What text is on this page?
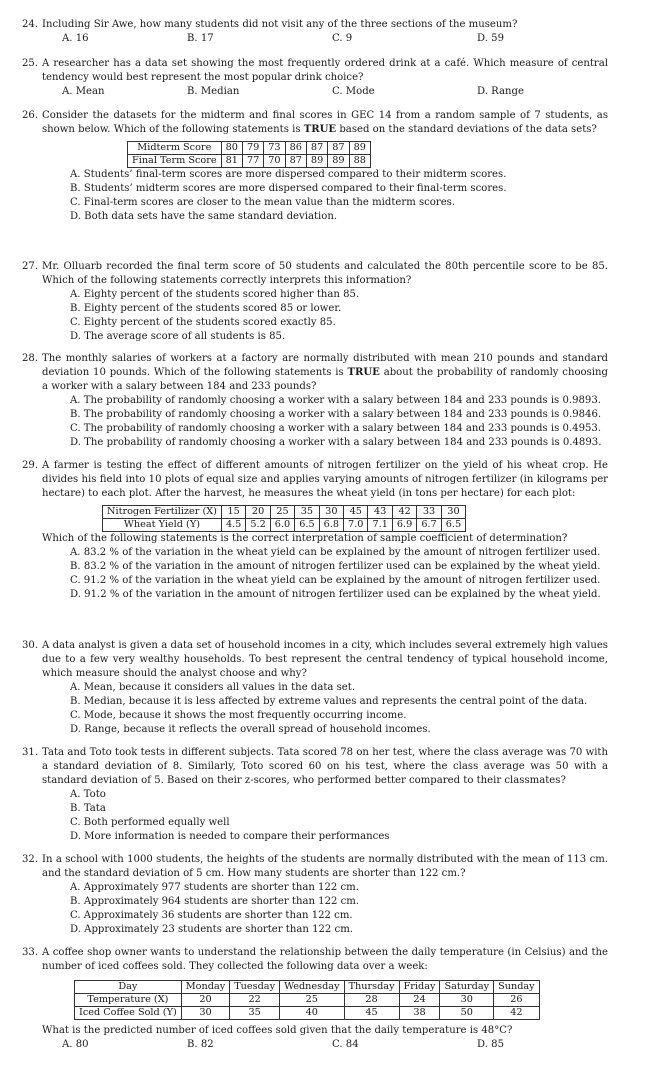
24. Including Sir Awe, how many students did not visit any of the three sections of the museum?
A. 16	B. 17	C. 9	D. 59
25. A researcher has a data set showing the most frequently ordered drink at a café. Which measure of central tendency would best represent the most popular drink choice?
A. Mean	B. Median	C. Mode	D. Range
26. Consider the datasets for the midterm and final scores in GEC 14 from a random sample of 7 students, as shown below. Which of the following statements is TRUE based on the standard deviations of the data sets?
Midterm Score	80	79	73	86	87	87	89
Final Term Score	81	77	70	87	89	89	88
A. Students’ final-term scores are more dispersed compared to their midterm scores.
B. Students’ midterm scores are more dispersed compared to their final-term scores.
C. Final-term scores are closer to the mean value than the midterm scores.
D. Both data sets have the same standard deviation.
27. Mr. Olluarb recorded the final term score of 50 students and calculated the 80th percentile score to be 85. Which of the following statements correctly interprets this information?
A. Eighty percent of the students scored higher than 85.
B. Eighty percent of the students scored 85 or lower.
C. Eighty percent of the students scored exactly 85.
D. The average score of all students is 85.
28. The monthly salaries of workers at a factory are normally distributed with mean 210 pounds and standard deviation 10 pounds. Which of the following statements is TRUE about the probability of randomly choosing a worker with a salary between 184 and 233 pounds?
A. The probability of randomly choosing a worker with a salary between 184 and 233 pounds is 0.9893.
B. The probability of randomly choosing a worker with a salary between 184 and 233 pounds is 0.9846.
C. The probability of randomly choosing a worker with a salary between 184 and 233 pounds is 0.4953.
D. The probability of randomly choosing a worker with a salary between 184 and 233 pounds is 0.4893.
29. A farmer is testing the effect of different amounts of nitrogen fertilizer on the yield of his wheat crop. He divides his field into 10 plots of equal size and applies varying amounts of nitrogen fertilizer (in kilograms per hectare) to each plot. After the harvest, he measures the wheat yield (in tons per hectare) for each plot:
Nitrogen Fertilizer (X)	15	20	25	35	30	45	43	42	33	30
Wheat Yield (Y)	4.5	5.2	6.0	6.5	6.8	7.0	7.1	6.9	6.7	6.5
Which of the following statements is the correct interpretation of sample coefficient of determination?
A. 83.2 % of the variation in the wheat yield can be explained by the amount of nitrogen fertilizer used.
B. 83.2 % of the variation in the amount of nitrogen fertilizer used can be explained by the wheat yield.
C. 91.2 % of the variation in the wheat yield can be explained by the amount of nitrogen fertilizer used.
D. 91.2 % of the variation in the amount of nitrogen fertilizer used can be explained by the wheat yield.
30. A data analyst is given a data set of household incomes in a city, which includes several extremely high values due to a few very wealthy households. To best represent the central tendency of typical household income, which measure should the analyst choose and why?
A. Mean, because it considers all values in the data set.
B. Median, because it is less affected by extreme values and represents the central point of the data.
C. Mode, because it shows the most frequently occurring income.
D. Range, because it reflects the overall spread of household incomes.
31. Tata and Toto took tests in different subjects. Tata scored 78 on her test, where the class average was 70 with a standard deviation of 8. Similarly, Toto scored 60 on his test, where the class average was 50 with a standard deviation of 5. Based on their z-scores, who performed better compared to their classmates?
A. Toto
B. Tata
C. Both performed equally well
D. More information is needed to compare their performances
32. In a school with 1000 students, the heights of the students are normally distributed with the mean of 113 cm. and the standard deviation of 5 cm. How many students are shorter than 122 cm.?
A. Approximately 977 students are shorter than 122 cm.
B. Approximately 964 students are shorter than 122 cm.
C. Approximately 36 students are shorter than 122 cm.
D. Approximately 23 students are shorter than 122 cm.
33. A coffee shop owner wants to understand the relationship between the daily temperature (in Celsius) and the number of iced coffees sold. They collected the following data over a week:
Day	Monday	Tuesday	Wednesday	Thursday	Friday	Saturday	Sunday
Temperature (X)	20	22	25	28	24	30	26
Iced Coffee Sold (Y)	30	35	40	45	38	50	42
What is the predicted number of iced coffees sold given that the daily temperature is 48°C?
A. 80	B. 82	C. 84	D. 85
